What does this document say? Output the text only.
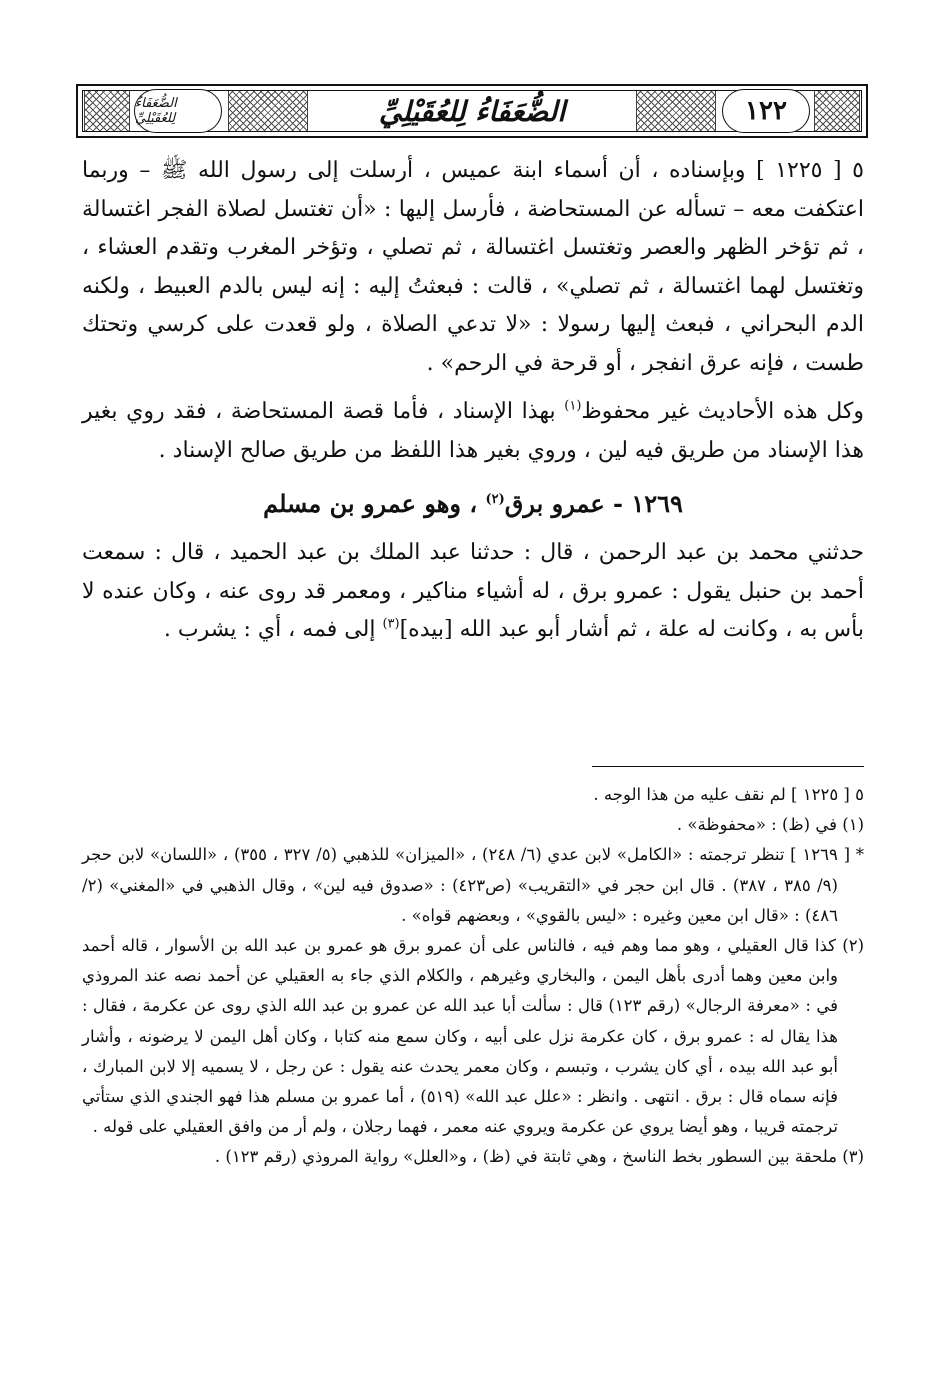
الضُّعَفَاءُ لِلعُقَيْلِيِّ	١٢٢
الضُّعَفَاءُ لِلعُقَيْلِيِّ

٥ [ ١٢٢٥ ] وبإسناده ، أن أسماء ابنة عميس ، أرسلت إلى رسول الله ﷺ – وربما اعتكفت معه – تسأله عن المستحاضة ، فأرسل إليها : «أن تغتسل لصلاة الفجر اغتسالة ، ثم تؤخر الظهر والعصر وتغتسل اغتسالة ، ثم تصلي ، وتؤخر المغرب وتقدم العشاء ، وتغتسل لهما اغتسالة ، ثم تصلي» ، قالت : فبعثتُ إليه : إنه ليس بالدم العبيط ، ولكنه الدم البحراني ، فبعث إليها رسولا : «لا تدعي الصلاة ، ولو قعدت على كرسي وتحتك طست ، فإنه عرق انفجر ، أو قرحة في الرحم» .

وكل هذه الأحاديث غير محفوظ$^{(١)}$ بهذا الإسناد ، فأما قصة المستحاضة ، فقد روي بغير هذا الإسناد من طريق فيه لين ، وروي بغير هذا اللفظ من طريق صالح الإسناد .

١٢٦٩ - عمرو برق$^{(٢)}$ ، وهو عمرو بن مسلم

حدثني محمد بن عبد الرحمن ، قال : حدثنا عبد الملك بن عبد الحميد ، قال : سمعت أحمد بن حنبل يقول : عمرو برق ، له أشياء مناكير ، ومعمر قد روى عنه ، وكان عنده لا بأس به ، وكانت له علة ، ثم أشار أبو عبد الله [بيده]$^{(٣)}$ إلى فمه ، أي : يشرب .

٥ [ ١٢٢٥ ] لم نقف عليه من هذا الوجه .

(١) في (ظ) : «محفوظة» .

* [ ١٢٦٩ ] تنظر ترجمته : «الكامل» لابن عدي (٦/ ٢٤٨) ، «الميزان» للذهبي (٥/ ٣٢٧ ، ٣٥٥) ، «اللسان» لابن حجر (٩/ ٣٨٥ ، ٣٨٧) . قال ابن حجر في «التقريب» (ص٤٢٣) : «صدوق فيه لين» ، وقال الذهبي في «المغني» (٢/ ٤٨٦) : «قال ابن معين وغيره : «ليس بالقوي» ، وبعضهم قواه» .

(٢) كذا قال العقيلي ، وهو مما وهم فيه ، فالناس على أن عمرو برق هو عمرو بن عبد الله بن الأسوار ، قاله أحمد وابن معين وهما أدرى بأهل اليمن ، والبخاري وغيرهم ، والكلام الذي جاء به العقيلي عن أحمد نصه عند المروذي في : «معرفة الرجال» (رقم ١٢٣) قال : سألت أبا عبد الله عن عمرو بن عبد الله الذي روى عن عكرمة ، فقال : هذا يقال له : عمرو برق ، كان عكرمة نزل على أبيه ، وكان سمع منه كتابا ، وكان أهل اليمن لا يرضونه ، وأشار أبو عبد الله بيده ، أي كان يشرب ، وتبسم ، وكان معمر يحدث عنه يقول : عن رجل ، لا يسميه إلا لابن المبارك ، فإنه سماه قال : برق . انتهى . وانظر : «علل عبد الله» (٥١٩) ، أما عمرو بن مسلم هذا فهو الجندي الذي ستأتي ترجمته قريبا ، وهو أيضا يروي عن عكرمة ويروي عنه معمر ، فهما رجلان ، ولم أر من وافق العقيلي على قوله .

(٣) ملحقة بين السطور بخط الناسخ ، وهي ثابتة في (ظ) ، و«العلل» رواية المروذي (رقم ١٢٣) .
